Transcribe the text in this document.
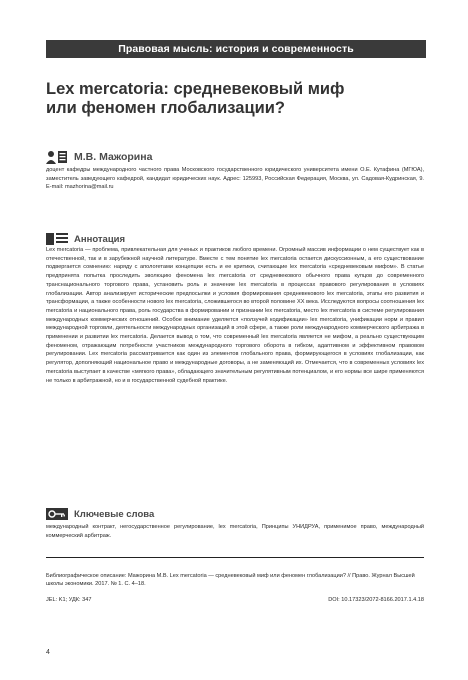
Правовая мысль: история и современность
Lex mercatoria: средневековый миф
или феномен глобализации?
М.В. Мажорина
доцент кафедры международного частного права Московского государственного юридического университета имени О.Е. Кутафина (МГЮА), заместитель заведующего кафедрой, кандидат юридических наук. Адрес: 125993, Российская Федерация, Москва, ул. Садовая-Кудринская, 9. E-mail: mazhorina@mail.ru
Аннотация
Lex mercatoria — проблема, привлекательная для ученых и практиков любого времени. Огромный массив информации о нем существует как в отечественной, так и в зарубежной научной литературе. Вместе с тем понятие lex mercatoria остается дискуссионным, а его существование подвергается сомнению: наряду с апологетами концепции есть и ее критики, считающие lex mercatoria «средневековым мифом». В статье предпринята попытка проследить эволюцию феномена lex mercatoria от средневекового обычного права купцов до современного транснационального торгового права, установить роль и значение lex mercatoria в процессах правового регулирования в условиях глобализации. Автор анализирует исторические предпосылки и условия формирования средневекового lex mercatoria, этапы его развития и трансформации, а также особенности нового lex mercatoria, сложившегося во второй половине XX века. Исследуются вопросы соотношения lex mercatoria и национального права, роль государства в формировании и признании lex mercatoria, место lex mercatoria в системе регулирования международных коммерческих отношений. Особое внимание уделяется «ползучей кодификации» lex mercatoria, унификации норм и правил международной торговли, деятельности международных организаций в этой сфере, а также роли международного коммерческого арбитража в применении и развитии lex mercatoria. Делается вывод о том, что современный lex mercatoria является не мифом, а реально существующим феноменом, отражающим потребности участников международного торгового оборота в гибком, адаптивном и эффективном правовом регулировании. Lex mercatoria рассматривается как один из элементов глобального права, формирующегося в условиях глобализации, как регулятор, дополняющий национальное право и международные договоры, а не заменяющий их. Отмечается, что в современных условиях lex mercatoria выступает в качестве «мягкого права», обладающего значительным регулятивным потенциалом, и его нормы все шире применяются не только в арбитражной, но и в государственной судебной практике.
Ключевые слова
международный контракт, негосударственное регулирование, lex mercatoria, Принципы УНИДРУА, применимое право, международный коммерческий арбитраж.
Библиографическое описание: Мажорина М.В. Lex mercatoria — средневековый миф или феномен глобализации? // Право. Журнал Высшей школы экономики. 2017. № 1. С. 4–18.
JEL: K1; УДК: 347	DOI: 10.17323/2072-8166.2017.1.4.18
4
